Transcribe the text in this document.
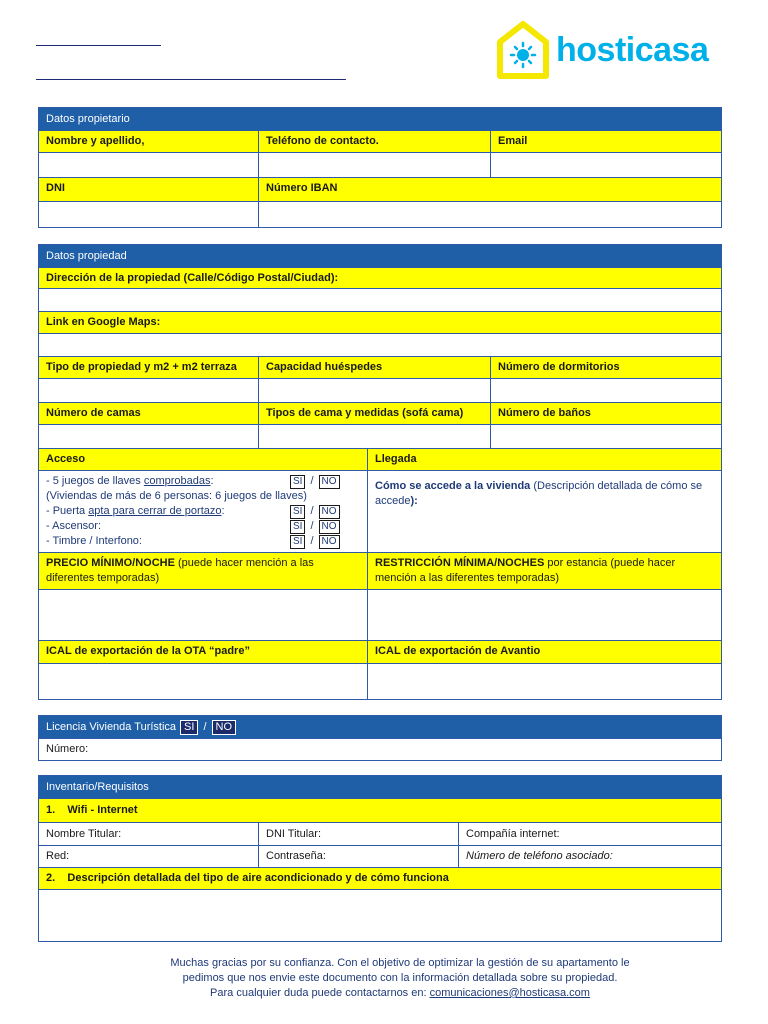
hosticasa
Datos propietario
Nombre y apellido,	Teléfono de contacto.	Email
DNI	Número IBAN
Datos propiedad
Dirección de la propiedad (Calle/Código Postal/Ciudad):
Link en Google Maps:
Tipo de propiedad y m2 + m2 terraza	Capacidad huéspedes	Número de dormitorios
Número de camas	Tipos de cama y medidas (sofá cama)	Número de baños
Acceso	Llegada
- 5 juegos de llaves comprobadas:	SI / NO
(Viviendas de más de 6 personas: 6 juegos de llaves)
- Puerta apta para cerrar de portazo:	SI / NO
- Ascensor:	SI / NO
- Timbre / Interfono:	SI / NO
Cómo se accede a la vivienda (Descripción detallada de cómo se accede):
PRECIO MÍNIMO/NOCHE (puede hacer mención a las diferentes temporadas)
RESTRICCIÓN MÍNIMA/NOCHES por estancia (puede hacer mención a las diferentes temporadas)
ICAL de exportación de la OTA “padre”	ICAL de exportación de Avantio
Licencia Vivienda Turística SI / NO
Número:
Inventario/Requisitos
1.    Wifi - Internet
Nombre Titular:	DNI Titular:	Compañía internet:
Red:	Contraseña:	Número de teléfono asociado:
2.    Descripción detallada del tipo de aire acondicionado y de cómo funciona
Muchas gracias por su confianza. Con el objetivo de optimizar la gestión de su apartamento le
pedimos que nos envie este documento con la información detallada sobre su propiedad.
Para cualquier duda puede contactarnos en: comunicaciones@hosticasa.com
